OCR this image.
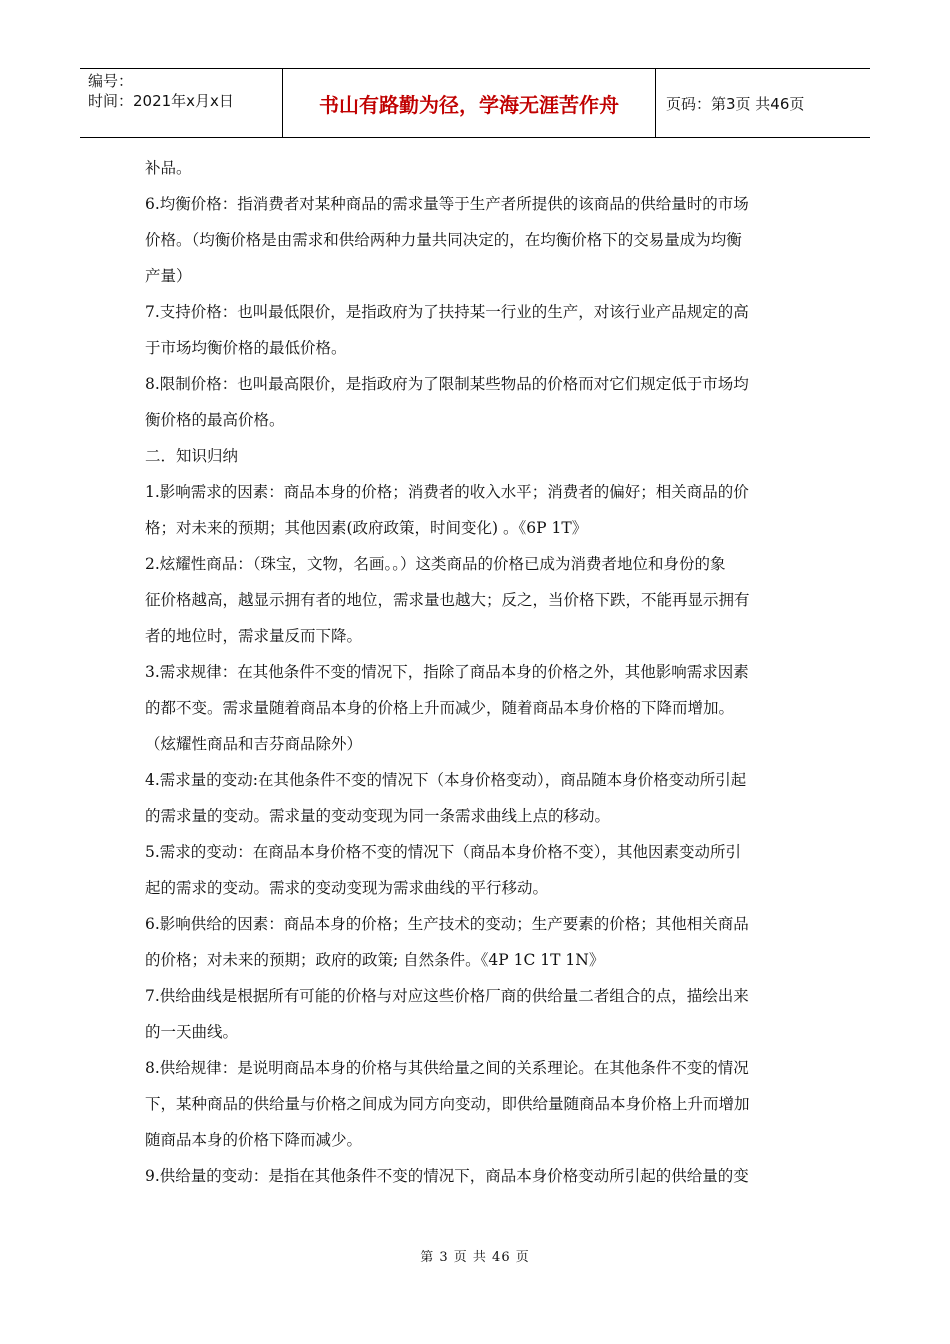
编号：
时间：2021年x月x日	书山有路勤为径，学海无涯苦作舟	页码：第3页 共46页

补品。

6.均衡价格：指消费者对某种商品的需求量等于生产者所提供的该商品的供给量时的市场

价格。（均衡价格是由需求和供给两种力量共同决定的，在均衡价格下的交易量成为均衡

产量）

7.支持价格：也叫最低限价，是指政府为了扶持某一行业的生产，对该行业产品规定的高

于市场均衡价格的最低价格。

8.限制价格：也叫最高限价，是指政府为了限制某些物品的价格而对它们规定低于市场均

衡价格的最高价格。

二．知识归纳

1.影响需求的因素：商品本身的价格；消费者的收入水平；消费者的偏好；相关商品的价

格；对未来的预期；其他因素(政府政策，时间变化) 。《6P 1T》

2.炫耀性商品：（珠宝，文物，名画。。）这类商品的价格已成为消费者地位和身份的象

征价格越高，越显示拥有者的地位，需求量也越大；反之，当价格下跌，不能再显示拥有

者的地位时，需求量反而下降。

3.需求规律：在其他条件不变的情况下，指除了商品本身的价格之外，其他影响需求因素

的都不变。需求量随着商品本身的价格上升而减少，随着商品本身价格的下降而增加。

（炫耀性商品和吉芬商品除外）

4.需求量的变动:在其他条件不变的情况下（本身价格变动），商品随本身价格变动所引起

的需求量的变动。需求量的变动变现为同一条需求曲线上点的移动。

5.需求的变动：在商品本身价格不变的情况下（商品本身价格不变），其他因素变动所引

起的需求的变动。需求的变动变现为需求曲线的平行移动。

6.影响供给的因素：商品本身的价格；生产技术的变动；生产要素的价格；其他相关商品

的价格；对未来的预期；政府的政策; 自然条件。《4P 1C 1T 1N》

7.供给曲线是根据所有可能的价格与对应这些价格厂商的供给量二者组合的点，描绘出来

的一天曲线。

8.供给规律：是说明商品本身的价格与其供给量之间的关系理论。在其他条件不变的情况

下，某种商品的供给量与价格之间成为同方向变动，即供给量随商品本身价格上升而增加

随商品本身的价格下降而减少。

9.供给量的变动：是指在其他条件不变的情况下，商品本身价格变动所引起的供给量的变

第 3 页 共 46 页
